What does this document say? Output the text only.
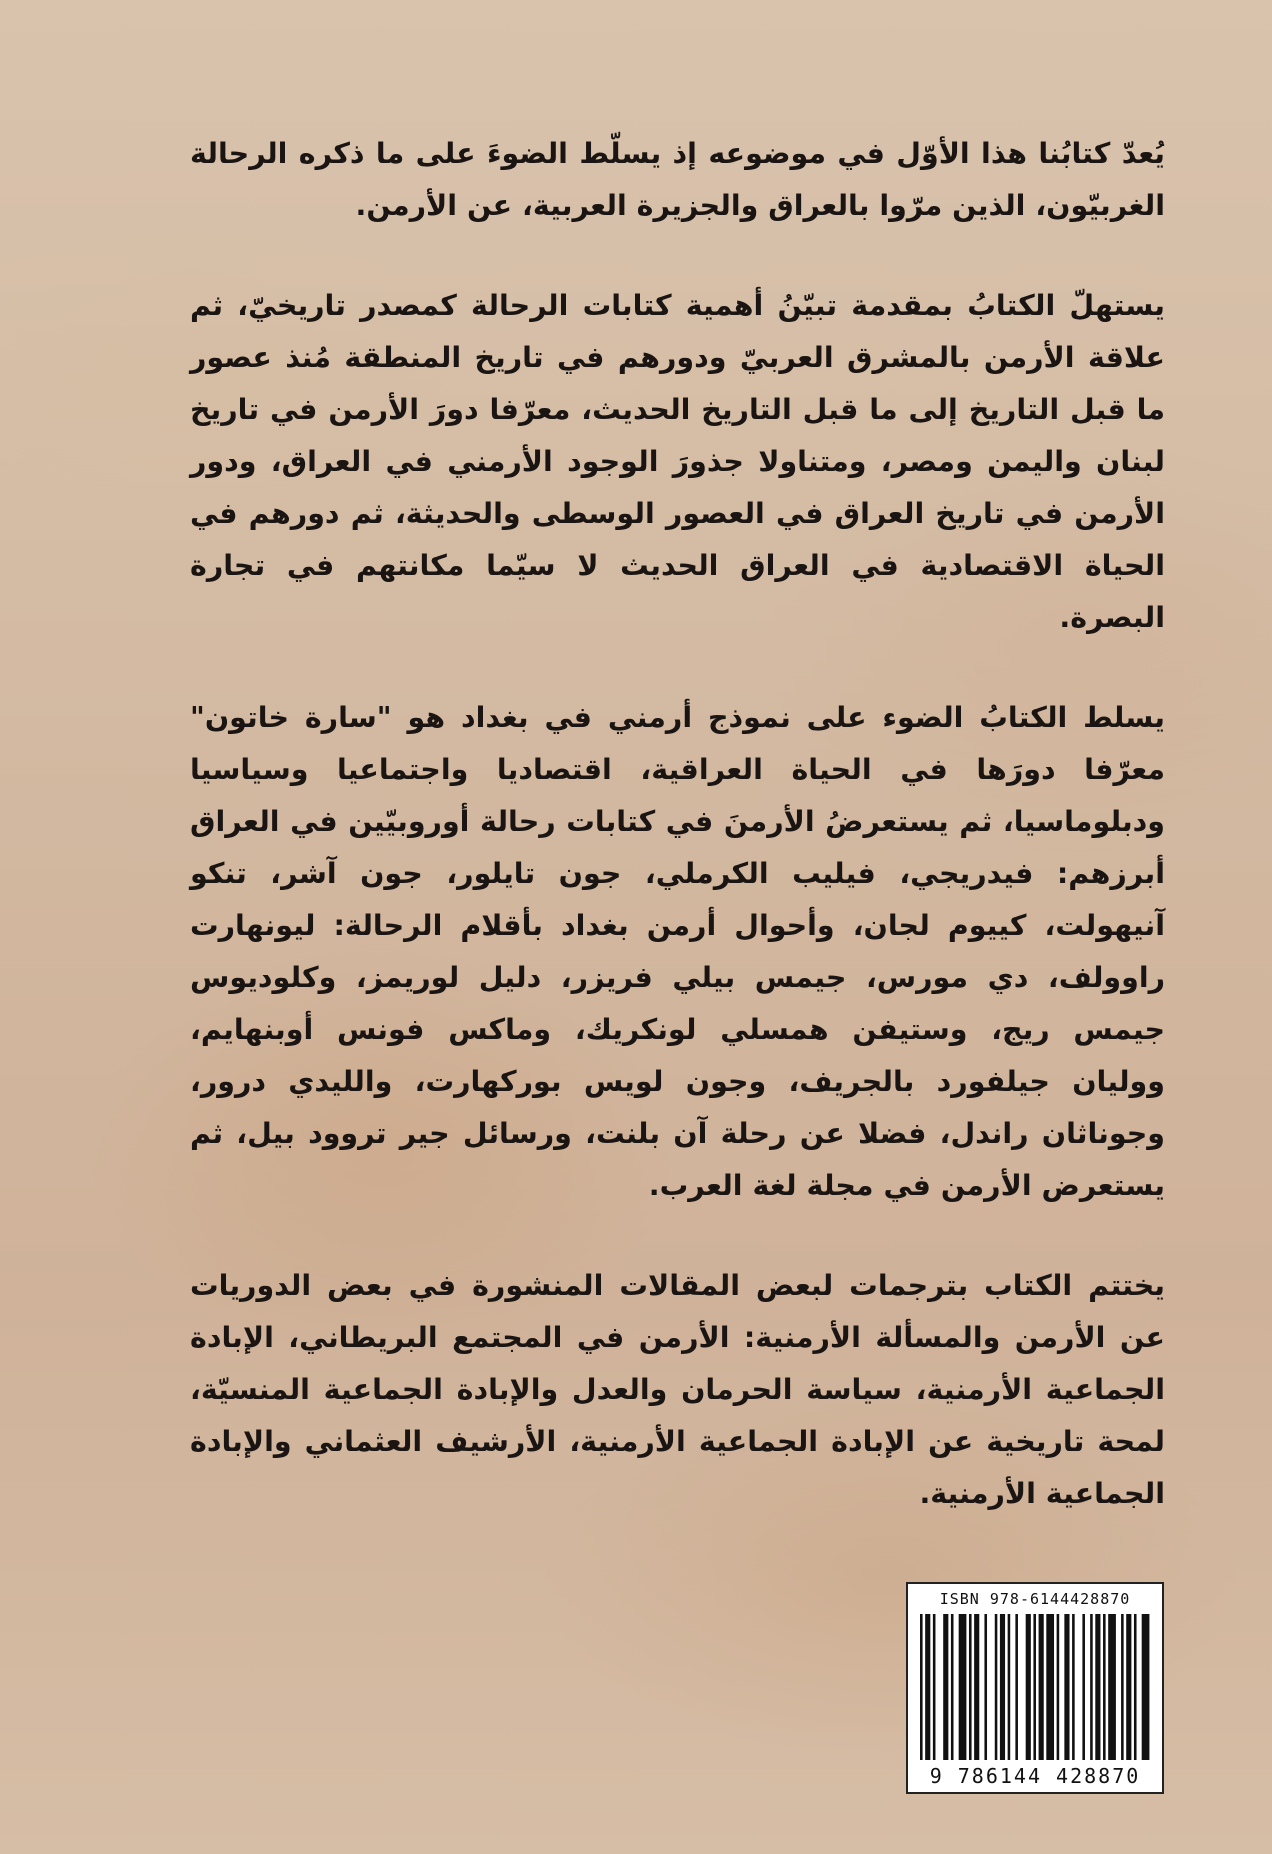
يُعدّ كتابُنا هذا الأوّل في موضوعه إذ يسلّط الضوءَ على ما ذكره الرحالة الغربيّون، الذين مرّوا بالعراق والجزيرة العربية، عن الأرمن.

يستهلّ الكتابُ بمقدمة تبيّنُ أهمية كتابات الرحالة كمصدر تاريخيّ، ثم علاقة الأرمن بالمشرق العربيّ ودورهم في تاريخ المنطقة مُنذ عصور ما قبل التاريخ إلى ما قبل التاريخ الحديث، معرّفا دورَ الأرمن في تاريخ لبنان واليمن ومصر، ومتناولا جذورَ الوجود الأرمني في العراق، ودور الأرمن في تاريخ العراق في العصور الوسطى والحديثة، ثم دورهم في الحياة الاقتصادية في العراق الحديث لا سيّما مكانتهم في تجارة البصرة.

يسلط الكتابُ الضوء على نموذج أرمني في بغداد هو "سارة خاتون" معرّفا دورَها في الحياة العراقية، اقتصاديا واجتماعيا وسياسيا ودبلوماسيا، ثم يستعرضُ الأرمنَ في كتابات رحالة أوروبيّين في العراق أبرزهم: فيدريجي، فيليب الكرملي، جون تايلور، جون آشر، تنكو آنيهولت، كييوم لجان، وأحوال أرمن بغداد بأقلام الرحالة: ليونهارت راوولف، دي مورس، جيمس بيلي فريزر، دليل لوريمز، وكلوديوس جيمس ريج، وستيفن همسلي لونكريك، وماكس فونس أوبنهايم، ووليان جيلفورد بالجريف، وجون لويس بوركهارت، والليدي درور، وجوناثان راندل، فضلا عن رحلة آن بلنت، ورسائل جير تروود بيل، ثم يستعرض الأرمن في مجلة لغة العرب.

يختتم الكتاب بترجمات لبعض المقالات المنشورة في بعض الدوريات عن الأرمن والمسألة الأرمنية: الأرمن في المجتمع البريطاني، الإبادة الجماعية الأرمنية، سياسة الحرمان والعدل والإبادة الجماعية المنسيّة، لمحة تاريخية عن الإبادة الجماعية الأرمنية، الأرشيف العثماني والإبادة الجماعية الأرمنية.

ISBN 978-6144428870
9 786144 428870
